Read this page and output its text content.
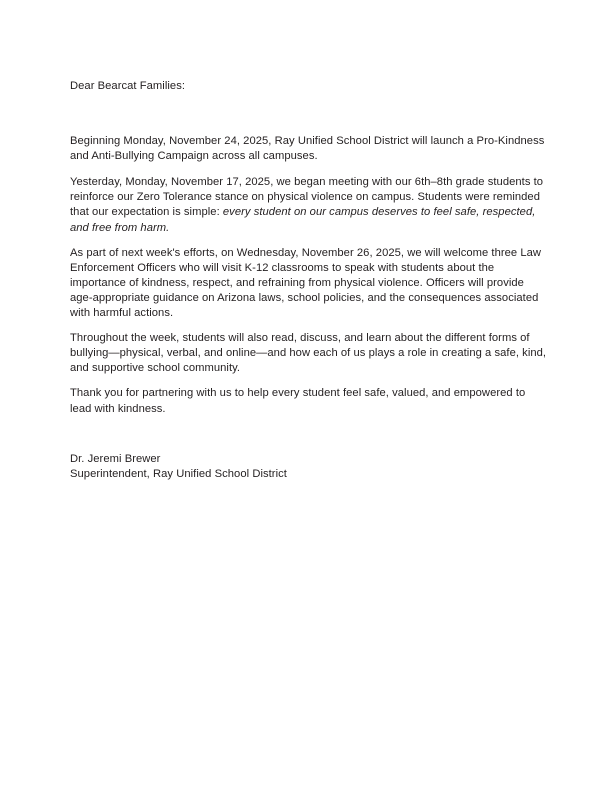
Dear Bearcat Families:

Beginning Monday, November 24, 2025, Ray Unified School District will launch a Pro-Kindness and Anti-Bullying Campaign across all campuses.

Yesterday, Monday, November 17, 2025, we began meeting with our 6th–8th grade students to reinforce our Zero Tolerance stance on physical violence on campus. Students were reminded that our expectation is simple: every student on our campus deserves to feel safe, respected, and free from harm.

As part of next week's efforts, on Wednesday, November 26, 2025, we will welcome three Law Enforcement Officers who will visit K-12 classrooms to speak with students about the importance of kindness, respect, and refraining from physical violence. Officers will provide age-appropriate guidance on Arizona laws, school policies, and the consequences associated with harmful actions.

Throughout the week, students will also read, discuss, and learn about the different forms of bullying—physical, verbal, and online—and how each of us plays a role in creating a safe, kind, and supportive school community.

Thank you for partnering with us to help every student feel safe, valued, and empowered to lead with kindness.

Dr. Jeremi Brewer

Superintendent, Ray Unified School District
